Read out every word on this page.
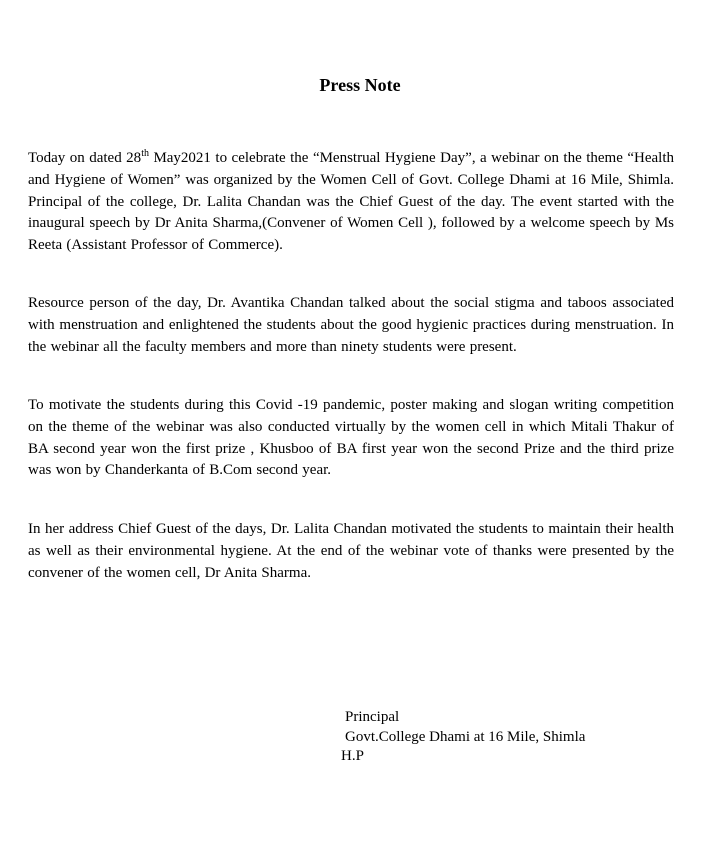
Press Note

Today on dated 28th May2021 to celebrate the “Menstrual Hygiene Day”, a webinar on the theme “Health and Hygiene of Women” was organized by the Women Cell of Govt. College Dhami at 16 Mile, Shimla. Principal of the college, Dr. Lalita Chandan was the Chief Guest of the day. The event started with the inaugural speech by Dr Anita Sharma,(Convener of Women Cell ), followed by a welcome speech by Ms Reeta (Assistant Professor of Commerce).

Resource person of the day, Dr. Avantika Chandan talked about the social stigma and taboos associated with menstruation and enlightened the students about the good hygienic practices during menstruation. In the webinar all the faculty members and more than ninety students were present.

To motivate the students during this Covid -19 pandemic, poster making and slogan writing competition on the theme of the webinar was also conducted virtually by the women cell in which Mitali Thakur of BA second year won the first prize , Khusboo of BA first year won the second Prize and the third prize was won by Chanderkanta of B.Com second year.

In her address Chief Guest of the days, Dr. Lalita Chandan motivated the students to maintain their health as well as their environmental hygiene. At the end of the webinar vote of thanks were presented by the convener of the women cell, Dr Anita Sharma.

Principal

Govt.College Dhami at 16 Mile, Shimla

H.P
